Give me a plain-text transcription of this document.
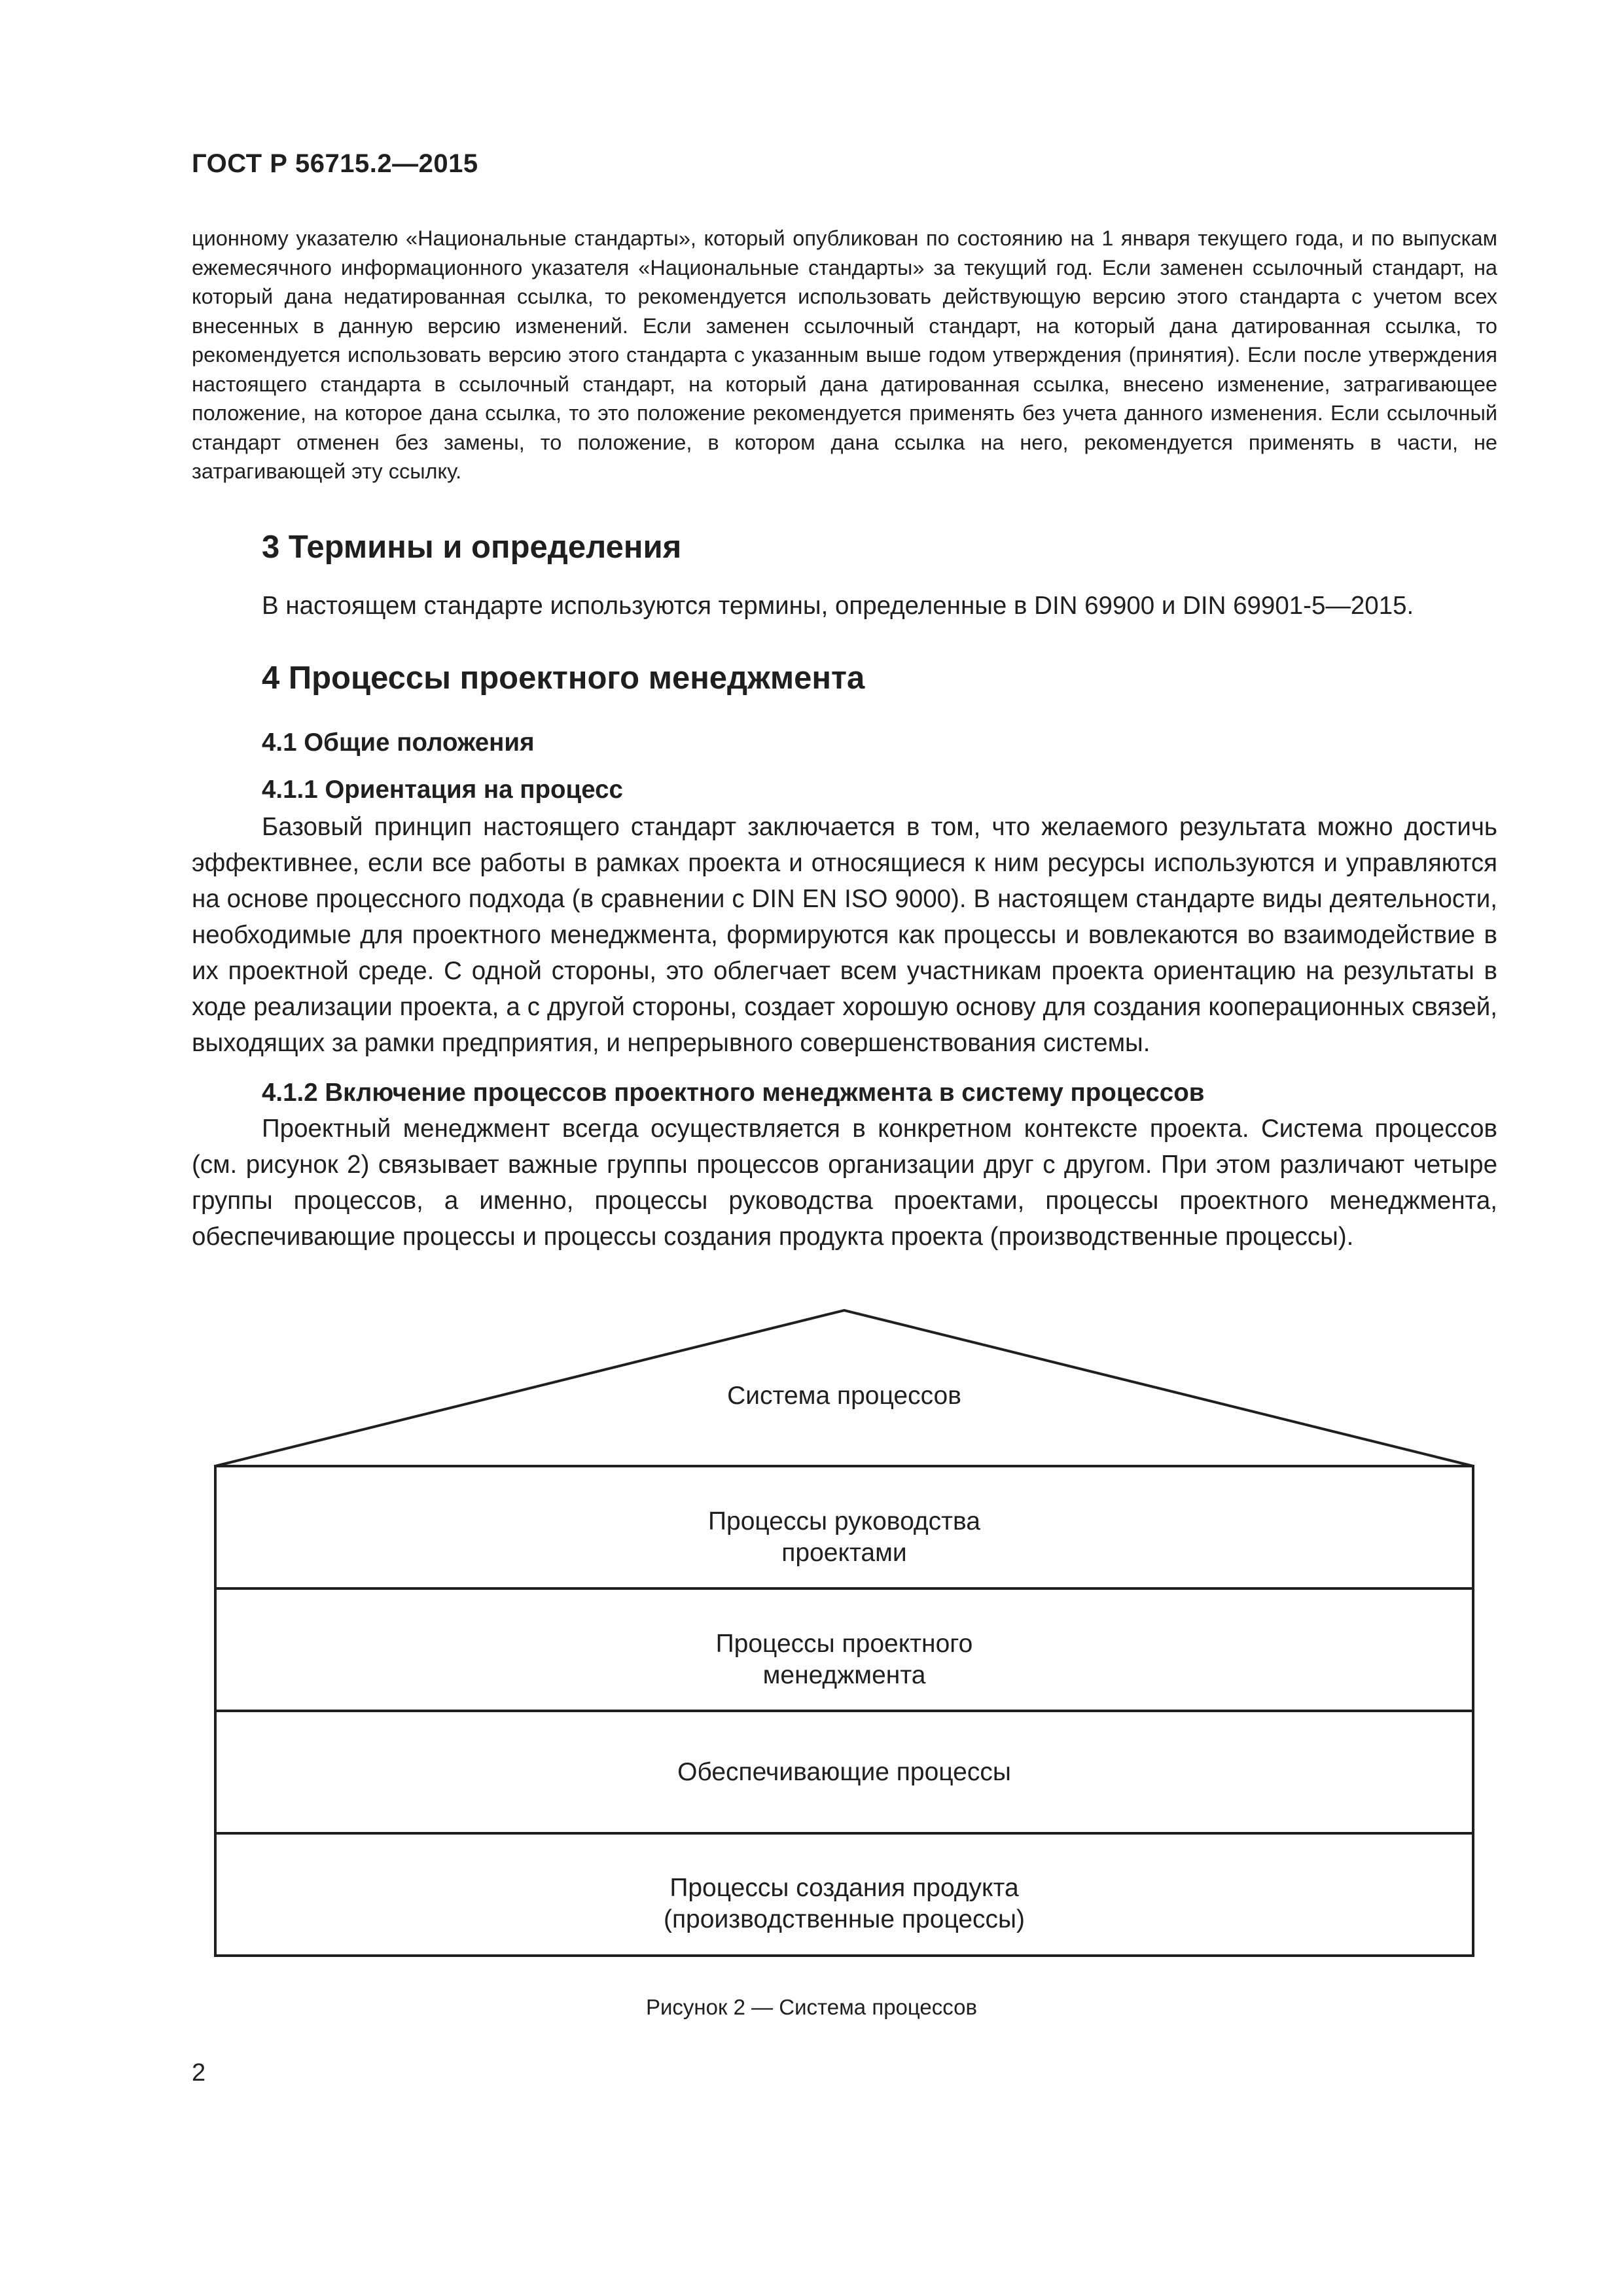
ГОСТ Р 56715.2—2015

ционному указателю «Национальные стандарты», который опубликован по состоянию на 1 января текущего года, и по выпускам ежемесячного информационного указателя «Национальные стандарты» за текущий год. Если заменен ссылочный стандарт, на который дана недатированная ссылка, то рекомендуется использовать действующую версию этого стандарта с учетом всех внесенных в данную версию изменений. Если заменен ссылочный стандарт, на который дана датированная ссылка, то рекомендуется использовать версию этого стандарта с указанным выше годом утверждения (принятия). Если после утверждения настоящего стандарта в ссылочный стандарт, на который дана датированная ссылка, внесено изменение, затрагивающее положение, на которое дана ссылка, то это положение рекомендуется применять без учета данного изменения. Если ссылочный стандарт отменен без замены, то положение, в котором дана ссылка на него, рекомендуется применять в части, не затрагивающей эту ссылку.

3 Термины и определения
В настоящем стандарте используются термины, определенные в DIN 69900 и DIN 69901-5—2015.
4 Процессы проектного менеджмента
4.1 Общие положения
4.1.1 Ориентация на процесс

Базовый принцип настоящего стандарт заключается в том, что желаемого результата можно достичь эффективнее, если все работы в рамках проекта и относящиеся к ним ресурсы используются и управляются на основе процессного подхода (в сравнении с DIN EN ISO 9000). В настоящем стандарте виды деятельности, необходимые для проектного менеджмента, формируются как процессы и вовлекаются во взаимодействие в их проектной среде. С одной стороны, это облегчает всем участникам проекта ориентацию на результаты в ходе реализации проекта, а с другой стороны, создает хорошую основу для создания кооперационных связей, выходящих за рамки предприятия, и непрерывного совершенствования системы.

4.1.2 Включение процессов проектного менеджмента в систему процессов

Проектный менеджмент всегда осуществляется в конкретном контексте проекта. Система процессов (см. рисунок 2) связывает важные группы процессов организации друг с другом. При этом различают четыре группы процессов, а именно, процессы руководства проектами, процессы проектного менеджмента, обеспечивающие процессы и процессы создания продукта проекта (производственные процессы).

Система процессов
Процессы руководства
проектами
Процессы проектного
менеджмента
Обеспечивающие процессы
Процессы создания продукта
(производственные процессы)
Рисунок 2 — Система процессов
2
